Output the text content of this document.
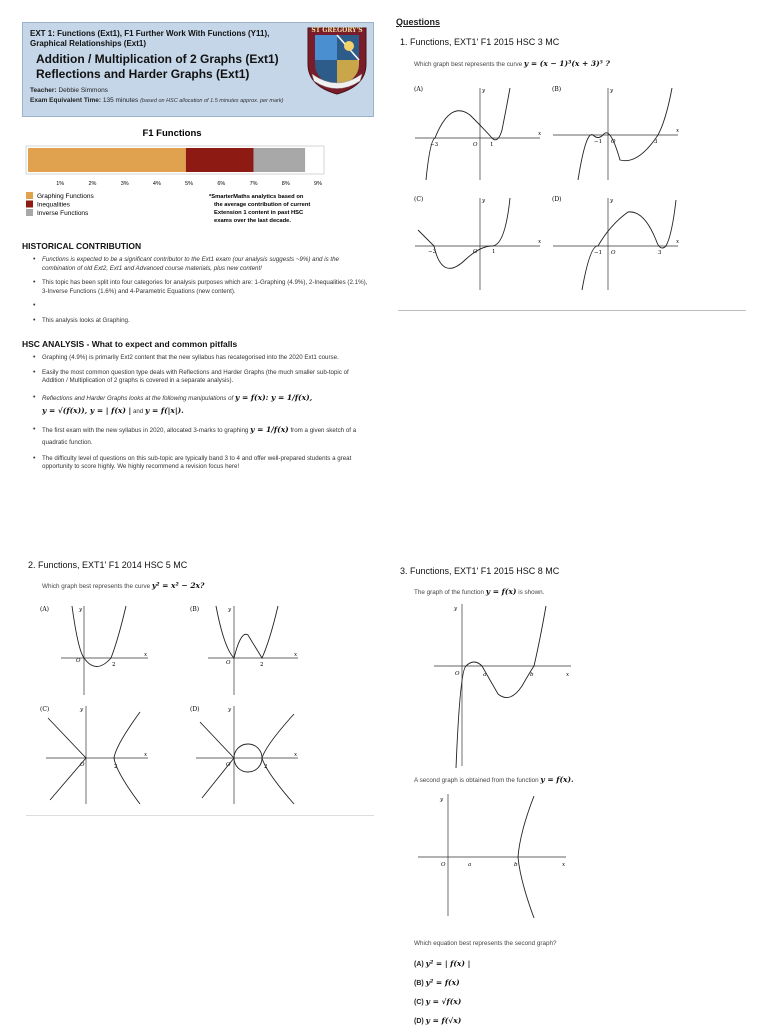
EXT 1: Functions (Ext1), F1 Further Work With Functions (Y11),
Graphical Relationships (Ext1)
Addition / Multiplication of 2 Graphs (Ext1)
Reflections and Harder Graphs (Ext1)
Teacher: Debbie Simmons
Exam Equivalent Time: 135 minutes (based on HSC allocation of 1.5 minutes approx. per mark)
ST GREGORY'S
F1 Functions
1%	2%	3%	4%	5%	6%	7%	8%	9%
Graphing Functions
Inequalities
Inverse Functions
*SmarterMaths analytics based on
the average contribution of current
Extension 1 content in past HSC
exams over the last decade.
HISTORICAL CONTRIBUTION
• Functions is expected to be a significant contributor to the Ext1 exam (our analysis suggests ~9%) and is the combination of old Ext2, Ext1 and Advanced course materials, plus new content!
• This topic has been split into four categories for analysis purposes which are: 1-Graphing (4.9%), 2-Inequalities (2.1%), 3-Inverse Functions (1.6%) and 4-Parametric Equations (new content).
•
• This analysis looks at Graphing.
HSC ANALYSIS - What to expect and common pitfalls
• Graphing (4.9%) is primarily Ext2 content that the new syllabus has recategorised into the 2020 Ext1 course.
• Easily the most common question type deals with Reflections and Harder Graphs (the much smaller sub-topic of Addition / Multiplication of 2 graphs is covered in a separate analysis).
• Reflections and Harder Graphs looks at the following manipulations of y = f(x): y = 1/f(x),
y = √(f(x)), y = | f(x) | and y = f(|x|).
• The first exam with the new syllabus in 2020, allocated 3-marks to graphing y = 1/f(x) from a given sketch of a quadratic function.
• The difficulty level of questions on this sub-topic are typically band 3 to 4 and offer well-prepared students a great opportunity to score highly. We highly recommend a revision focus here!
Questions
1. Functions, EXT1' F1 2015 HSC 3 MC
Which graph best represents the curve y = (x − 1)³(x + 3)⁵ ?
(A)	y
x
−3	O 1
(B)	y
x
−1 O	3
(C)	y
x
−3	O	1
(D)	y
x
−1 O	3
2. Functions, EXT1' F1 2014 HSC 5 MC
Which graph best represents the curve y² = x² − 2x?
(A)	y
x
O
2
(B)	y
x
O	2
(C)	y
x
O	2
(D)	y
x
O	2
3. Functions, EXT1' F1 2015 HSC 8 MC
The graph of the function y = f(x) is shown.
y
x
O	a	b
A second graph is obtained from the function y = f(x).
y
x
O	a	b
Which equation best represents the second graph?
(A) y² = | f(x) |
(B) y² = f(x)
(C) y = √f(x)
(D) y = f(√x)
